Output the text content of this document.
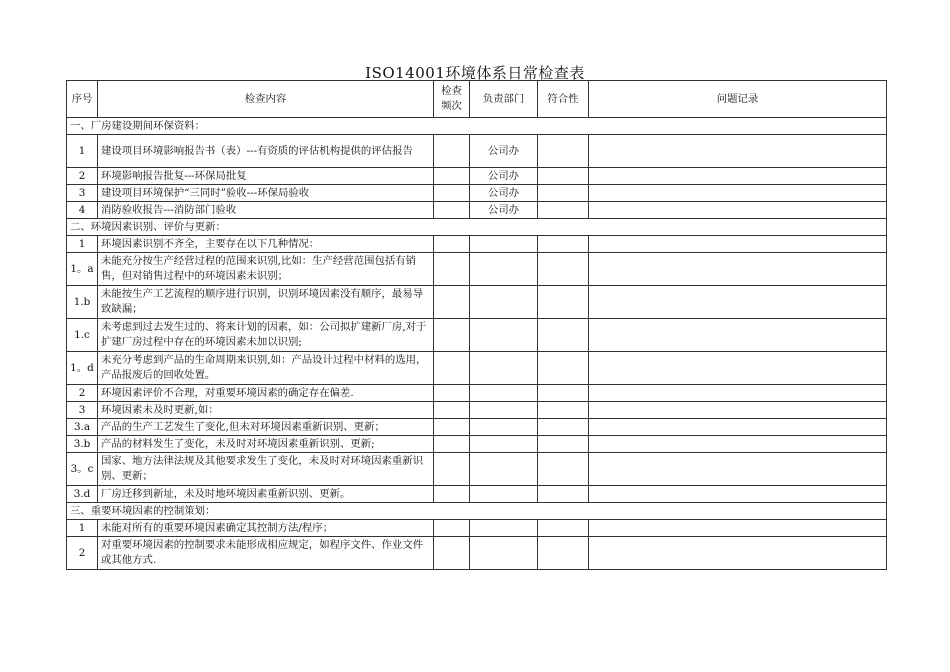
ISO14001环境体系日常检查表
序号	检查内容	检查频次	负责部门	符合性	问题记录
一、厂房建设期间环保资料：					
1	建设项目环境影响报告书（表）---有资质的评估机构提供的评估报告		公司办		
2	环境影响报告批复---环保局批复		公司办		
3	建设项目环境保护“三同时”验收---环保局验收		公司办		
4	消防验收报告---消防部门验收		公司办		
二、环境因素识别、评价与更新：					
1	环境因素识别不齐全，主要存在以下几种情况：				
1。a	未能充分按生产经营过程的范围来识别,比如：生产经营范围包括有销售，但对销售过程中的环境因素未识别；				
1.b	未能按生产工艺流程的顺序进行识别，识别环境因素没有顺序，最易导致缺漏；				
1.c	未考虑到过去发生过的、将来计划的因素，如：公司拟扩建新厂房,对于扩建厂房过程中存在的环境因素未加以识别;				
1。d	未充分考虑到产品的生命周期来识别,如：产品设计过程中材料的选用，产品报废后的回收处置。				
2	环境因素评价不合理，对重要环境因素的确定存在偏差.				
3	环境因素未及时更新,如：				
3.a	产品的生产工艺发生了变化,但未对环境因素重新识别、更新；				
3.b	产品的材料发生了变化，未及时对环境因素重新识别、更新;				
3。c	国家、地方法律法规及其他要求发生了变化，未及时对环境因素重新识别、更新；				
3.d	厂房迁移到新址，未及时地环境因素重新识别、更新。				
三、重要环境因素的控制策划：					
1	未能对所有的重要环境因素确定其控制方法/程序；				
2	对重要环境因素的控制要求未能形成相应规定，如程序文件、作业文件或其他方式.				
